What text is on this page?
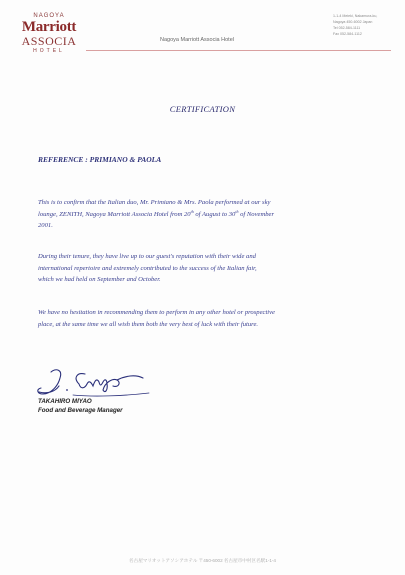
NAGOYA
Marriott
ASSOCIA
HOTEL
Nagoya Marriott Associa Hotel
1-1-4 Meieki, Nakamura-ku,
Nagoya 450-6002 Japan
Tel 052-584-1111
Fax 052-584-1112
CERTIFICATION
REFERENCE : PRIMIANO & PAOLA
This is to confirm that the Italian duo, Mr. Primiano & Mrs. Paola performed at our sky
lounge, ZENITH, Nagoya Marriott Associa Hotel from 20th of August to 30th of November
2001.
During their tenure, they have live up to our guest's reputation with their wide and
international repertoire and extremely contributed to the success of the Italian fair,
which we had held on September and October.
We have no hesitation in recommending them to perform in any other hotel or prospective
place, at the same time we all wish them both the very best of luck with their future.
TAKAHIRO MIYAO
Food and Beverage Manager
名古屋マリオットアソシアホテル 〒450-6002 名古屋市中村区名駅1-1-4
